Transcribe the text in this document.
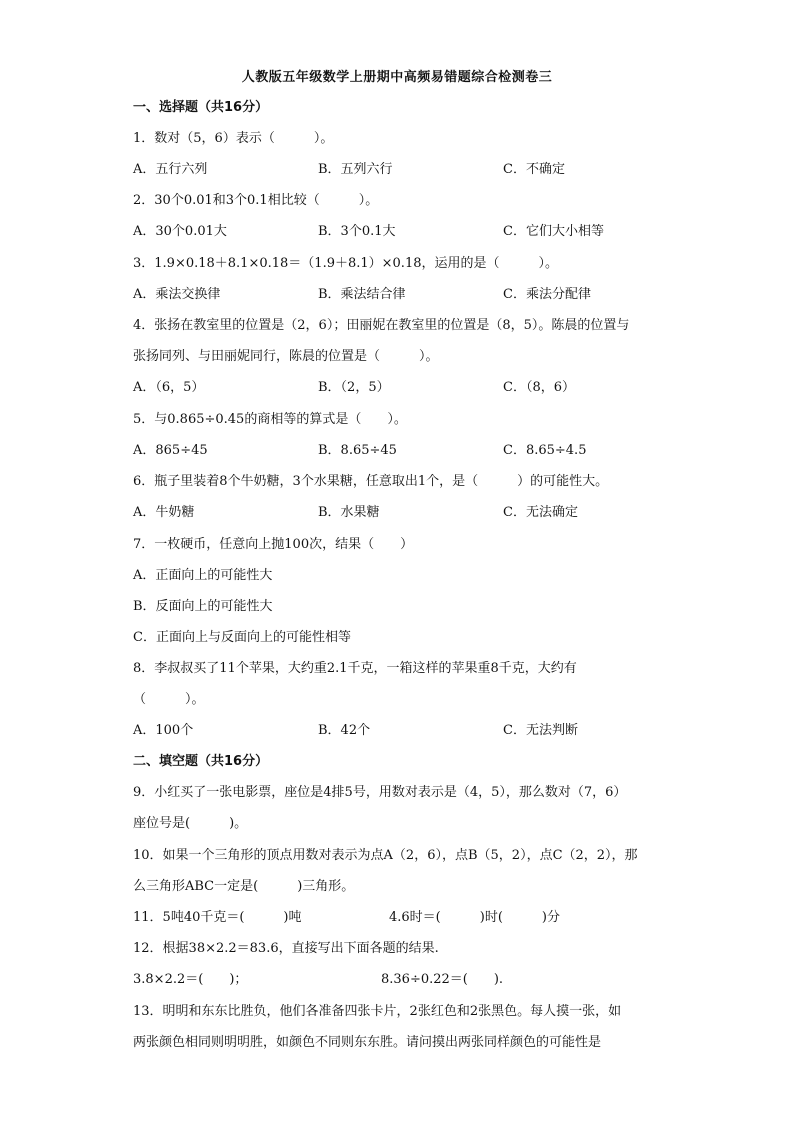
人教版五年级数学上册期中高频易错题综合检测卷三
一、选择题（共16分）
1．数对（5，6）表示（　　　）。
A．五行六列	B．五列六行	C．不确定
2．30个0.01和3个0.1相比较（　　　）。
A．30个0.01大	B．3个0.1大	C．它们大小相等
3．1.9×0.18＋8.1×0.18＝（1.9＋8.1）×0.18，运用的是（　　　）。
A．乘法交换律	B．乘法结合律	C．乘法分配律
4．张扬在教室里的位置是（2，6）；田丽妮在教室里的位置是（8，5）。陈晨的位置与
张扬同列、与田丽妮同行，陈晨的位置是（　　　）。
A．（6，5）	B．（2，5）	C．（8，6）
5．与0.865÷0.45的商相等的算式是（　　）。
A．865÷45	B．8.65÷45	C．8.65÷4.5
6．瓶子里装着8个牛奶糖，3个水果糖，任意取出1个，是（　　　）的可能性大。
A．牛奶糖	B．水果糖	C．无法确定
7．一枚硬币，任意向上抛100次，结果（　　）
A．正面向上的可能性大
B．反面向上的可能性大
C．正面向上与反面向上的可能性相等
8．李叔叔买了11个苹果，大约重2.1千克，一箱这样的苹果重8千克，大约有
（　　　）。
A．100个	B．42个	C．无法判断
二、填空题（共16分）
9．小红买了一张电影票，座位是4排5号，用数对表示是（4，5），那么数对（7，6）
座位号是(　　　)。
10．如果一个三角形的顶点用数对表示为点A（2，6），点B（5，2），点C（2，2），那
么三角形ABC一定是(　　　)三角形。
11．5吨40千克＝(　　　)吨	4.6时＝(　　　)时(　　　)分
12．根据38×2.2＝83.6，直接写出下面各题的结果.
3.8×2.2＝(　　)；	8.36÷0.22＝(　　).
13．明明和东东比胜负，他们各准备四张卡片，2张红色和2张黑色。每人摸一张，如
两张颜色相同则明明胜，如颜色不同则东东胜。请问摸出两张同样颜色的可能性是
